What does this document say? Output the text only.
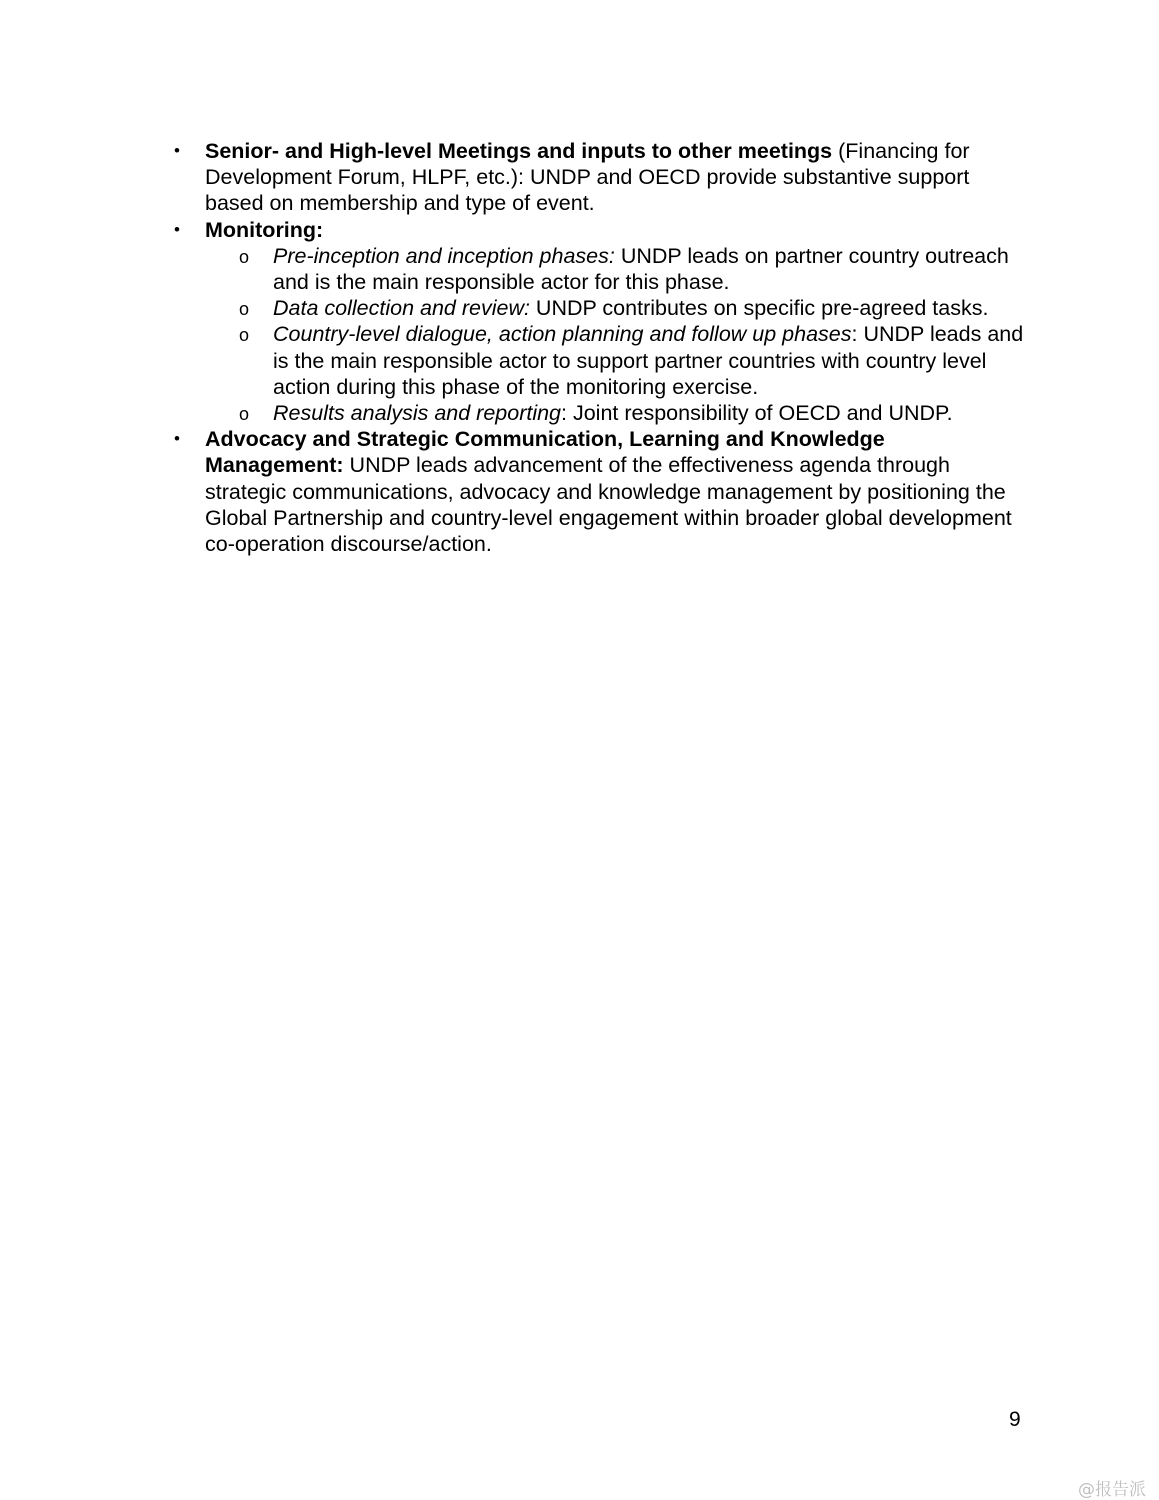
• Senior- and High-level Meetings and inputs to other meetings (Financing for Development Forum, HLPF, etc.): UNDP and OECD provide substantive support based on membership and type of event.
• Monitoring:
o Pre-inception and inception phases: UNDP leads on partner country outreach and is the main responsible actor for this phase.
o Data collection and review: UNDP contributes on specific pre-agreed tasks.
o Country-level dialogue, action planning and follow up phases: UNDP leads and is the main responsible actor to support partner countries with country level action during this phase of the monitoring exercise.
o Results analysis and reporting: Joint responsibility of OECD and UNDP.
• Advocacy and Strategic Communication, Learning and Knowledge Management: UNDP leads advancement of the effectiveness agenda through strategic communications, advocacy and knowledge management by positioning the Global Partnership and country-level engagement within broader global development co-operation discourse/action.
9
@报告派
